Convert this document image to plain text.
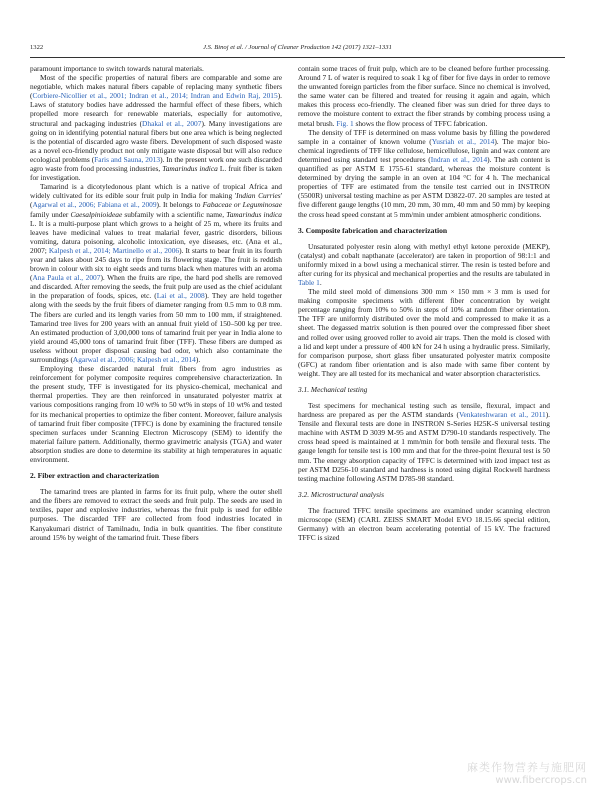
1322	J.S. Binoj et al. / Journal of Cleaner Production 142 (2017) 1321–1331

paramount importance to switch towards natural materials.

Most of the specific properties of natural fibers are comparable and some are negotiable, which makes natural fibers capable of replacing many synthetic fibers (Corbiere-Nicollier et al., 2001; Indran et al., 2014; Indran and Edwin Raj, 2015). Laws of statutory bodies have addressed the harmful effect of these fibers, which propelled more research for renewable materials, especially for automotive, structural and packaging industries (Dhakal et al., 2007). Many investigations are going on in identifying potential natural fibers but one area which is being neglected is the potential of discarded agro waste fibers. Development of such disposed waste as a novel eco-friendly product not only mitigate waste disposal but will also reduce ecological problems (Faris and Sauna, 2013). In the present work one such discarded agro waste from food processing industries, Tamarindus indica L. fruit fiber is taken for investigation.

Tamarind is a dicotyledonous plant which is a native of tropical Africa and widely cultivated for its edible sour fruit pulp in India for making 'Indian Curries' (Agarwal et al., 2006; Fabiana et al., 2009). It belongs to Fabaceae or Leguminosae family under Caesalpinioideae subfamily with a scientific name, Tamarindus indica L. It is a multi-purpose plant which grows to a height of 25 m, where its fruits and leaves have medicinal values to treat malarial fever, gastric disorders, bilious vomiting, datura poisoning, alcoholic intoxication, eye diseases, etc. (Ana et al., 2007; Kalpesh et al., 2014; Martinello et al., 2006). It starts to bear fruit in its fourth year and takes about 245 days to ripe from its flowering stage. The fruit is reddish brown in colour with six to eight seeds and turns black when matures with an aroma (Ana Paula et al., 2007). When the fruits are ripe, the hard pod shells are removed and discarded. After removing the seeds, the fruit pulp are used as the chief acidulant in the preparation of foods, spices, etc. (Lai et al., 2008). They are held together along with the seeds by the fruit fibers of diameter ranging from 0.5 mm to 0.8 mm. The fibers are curled and its length varies from 50 mm to 100 mm, if straightened. Tamarind tree lives for 200 years with an annual fruit yield of 150–500 kg per tree. An estimated production of 3,00,000 tons of tamarind fruit per year in India alone to yield around 45,000 tons of tamarind fruit fiber (TFF). These fibers are dumped as useless without proper disposal causing bad odor, which also contaminate the surroundings (Agarwal et al., 2006; Kalpesh et al., 2014).

Employing these discarded natural fruit fibers from agro industries as reinforcement for polymer composite requires comprehensive characterization. In the present study, TFF is investigated for its physico-chemical, mechanical and thermal properties. They are then reinforced in unsaturated polyester matrix at various compositions ranging from 10 wt% to 50 wt% in steps of 10 wt% and tested for its mechanical properties to optimize the fiber content. Moreover, failure analysis of tamarind fruit fiber composite (TFFC) is done by examining the fractured tensile specimen surfaces under Scanning Electron Microscopy (SEM) to identify the material failure pattern. Additionally, thermo gravimetric analysis (TGA) and water absorption studies are done to determine its stability at high temperatures in aquatic environment.

2. Fiber extraction and characterization

The tamarind trees are planted in farms for its fruit pulp, where the outer shell and the fibers are removed to extract the seeds and fruit pulp. The seeds are used in textiles, paper and explosive industries, whereas the fruit pulp is used for edible purposes. The discarded TFF are collected from food industries located in Kanyakumari district of Tamilnadu, India in bulk quantities. The fiber constitute around 15% by weight of the tamarind fruit. These fibers

contain some traces of fruit pulp, which are to be cleaned before further processing. Around 7 L of water is required to soak 1 kg of fiber for five days in order to remove the unwanted foreign particles from the fiber surface. Since no chemical is involved, the same water can be filtered and treated for reusing it again and again, which makes this process eco-friendly. The cleaned fiber was sun dried for three days to remove the moisture content to extract the fiber strands by combing process using a metal brush. Fig. 1 shows the flow process of TFFC fabrication.

The density of TFF is determined on mass volume basis by filling the powdered sample in a container of known volume (Yusriah et al., 2014). The major bio-chemical ingredients of TFF like cellulose, hemicellulose, lignin and wax content are determined using standard test procedures (Indran et al., 2014). The ash content is quantified as per ASTM E 1755-61 standard, whereas the moisture content is determined by drying the sample in an oven at 104 °C for 4 h. The mechanical properties of TFF are estimated from the tensile test carried out in INSTRON (5500R) universal testing machine as per ASTM D3822-07. 20 samples are tested at five different gauge lengths (10 mm, 20 mm, 30 mm, 40 mm and 50 mm) by keeping the cross head speed constant at 5 mm/min under ambient atmospheric conditions.

3. Composite fabrication and characterization

Unsaturated polyester resin along with methyl ethyl ketone peroxide (MEKP), (catalyst) and cobalt napthanate (accelerator) are taken in proportion of 98:1:1 and uniformly mixed in a bowl using a mechanical stirrer. The resin is tested before and after curing for its physical and mechanical properties and the results are tabulated in Table 1.

The mild steel mold of dimensions 300 mm × 150 mm × 3 mm is used for making composite specimens with different fiber concentration by weight percentage ranging from 10% to 50% in steps of 10% at random fiber orientation. The TFF are uniformly distributed over the mold and compressed to make it as a sheet. The degassed matrix solution is then poured over the compressed fiber sheet and rolled over using grooved roller to avoid air traps. Then the mold is closed with a lid and kept under a pressure of 400 kN for 24 h using a hydraulic press. Similarly, for comparison purpose, short glass fiber unsaturated polyester matrix composite (GFC) at random fiber orientation and is also made with same fiber content by weight. They are all tested for its mechanical and water absorption characteristics.

3.1. Mechanical testing

Test specimens for mechanical testing such as tensile, flexural, impact and hardness are prepared as per the ASTM standards (Venkateshwaran et al., 2011). Tensile and flexural tests are done in INSTRON S-Series H25K-S universal testing machine with ASTM D 3039 M-95 and ASTM D790-10 standards respectively. The cross head speed is maintained at 1 mm/min for both tensile and flexural tests. The gauge length for tensile test is 100 mm and that for the three-point flexural test is 50 mm. The energy absorption capacity of TFFC is determined with izod impact test as per ASTM D256-10 standard and hardness is noted using digital Rockwell hardness testing machine following ASTM D785-98 standard.

3.2. Microstructural analysis

The fractured TFFC tensile specimens are examined under scanning electron microscope (SEM) (CARL ZEISS SMART Model EVO 18.15.66 special edition, Germany) with an electron beam accelerating potential of 15 kV. The fractured TFFC is sized

麻类作物营养与施肥网
www.fibercrops.cn
